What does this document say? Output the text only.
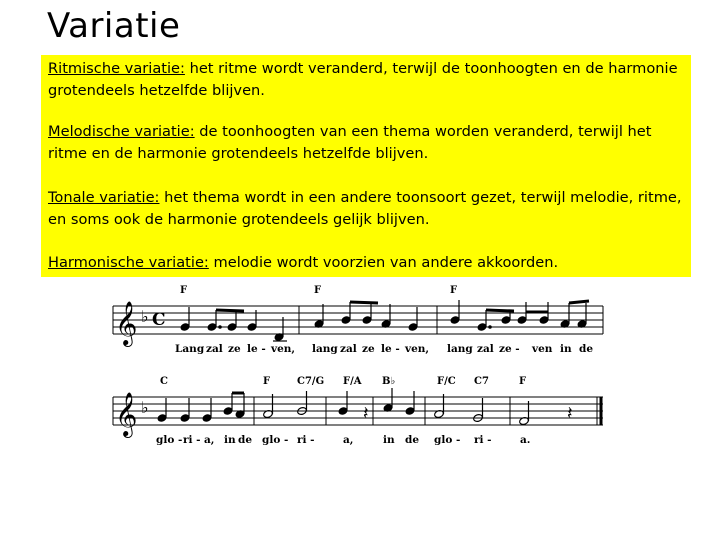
Variatie
Ritmische variatie: het ritme wordt veranderd, terwijl de toonhoogten en de harmonie grotendeels hetzelfde blijven.
Melodische variatie: de toonhoogten van een thema worden veranderd, terwijl het ritme en de harmonie grotendeels hetzelfde blijven.
Tonale variatie: het thema wordt in een andere toonsoort gezet, terwijl melodie, ritme, en soms ook de harmonie grotendeels gelijk blijven.
Harmonische variatie: melodie wordt voorzien van andere akkoorden.
F	F	F
𝄞 ♭ C
Lang zal ze le - ven, lang zal ze le - ven, lang zal ze - ven in de
C	F	C7/G F/A B♭	F/C C7	F
𝄞 ♭	𝄽	𝄽
glo - ri - a, in de glo - ri -	a,	in de glo - ri -	a.
